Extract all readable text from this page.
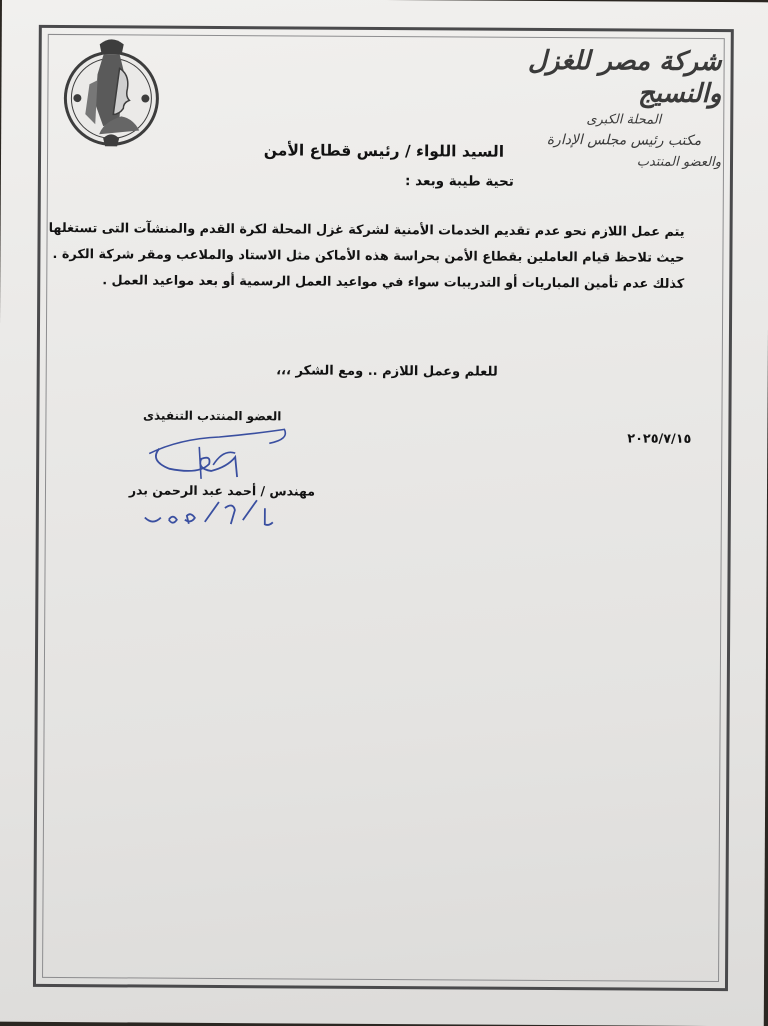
شركة مصر للغزل والنسيج
المحلة الكبرى
مكتب رئيس مجلس الإدارة
والعضو المنتدب
السيد اللواء / رئيس قطاع الأمن
تحية طيبة وبعد :

يتم عمل اللازم نحو عدم تقديم الخدمات الأمنية لشركة غزل المحلة لكرة القدم والمنشآت التى تستغلها

حيث تلاحظ قيام العاملين بقطاع الأمن بحراسة هذه الأماكن مثل الاستاد والملاعب ومقر شركة الكرة .

كذلك عدم تأمين المباريات أو التدريبات سواء في مواعيد العمل الرسمية أو بعد مواعيد العمل .

للعلم وعمل اللازم .. ومع الشكر ،،،
٢٠٢٥/٧/١٥
العضو المنتدب التنفيذى
مهندس / أحمد عبد الرحمن بدر
